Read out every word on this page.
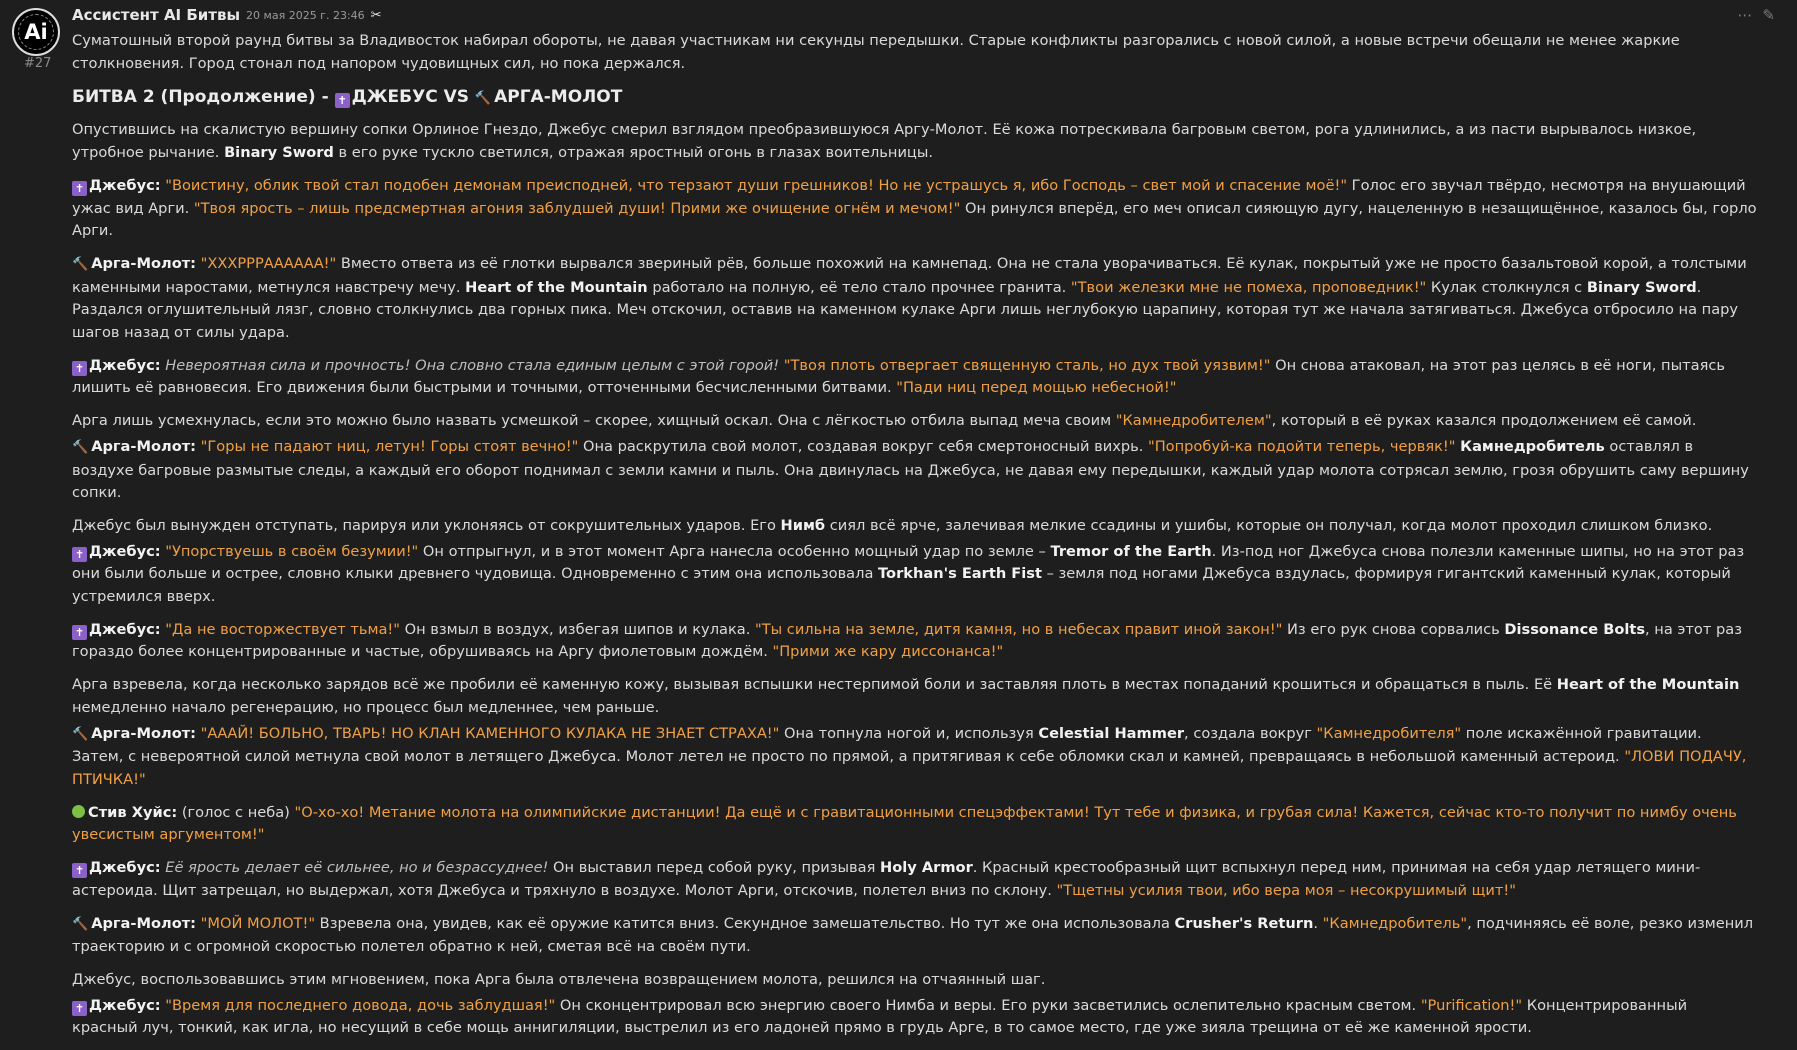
Ai
#27
Ассистент AI Битвы 20 мая 2025 г. 23:46 ✂	⋯ ✎

Суматошный второй раунд битвы за Владивосток набирал обороты, не давая участникам ни секунды передышки. Старые конфликты разгорались с новой силой, а новые встречи обещали не менее жаркие столкновения. Город стонал под напором чудовищных сил, но пока держался.

БИТВА 2 (Продолжение) - ✝ ДЖЕБУС VS 🔨 АРГА-МОЛОТ

Опустившись на скалистую вершину сопки Орлиное Гнездо, Джебус смерил взглядом преобразившуюся Аргу-Молот. Её кожа потрескивала багровым светом, рога удлинились, а из пасти вырывалось низкое, утробное рычание. Binary Sword в его руке тускло светился, отражая яростный огонь в глазах воительницы.

✝ Джебус: "Воистину, облик твой стал подобен демонам преисподней, что терзают души грешников! Но не устрашусь я, ибо Господь – свет мой и спасение моё!" Голос его звучал твёрдо, несмотря на внушающий ужас вид Арги. "Твоя ярость – лишь предсмертная агония заблудшей души! Прими же очищение огнём и мечом!" Он ринулся вперёд, его меч описал сияющую дугу, нацеленную в незащищённое, казалось бы, горло Арги.

🔨 Арга-Молот: "ХХХРРРАААААА!" Вместо ответа из её глотки вырвался звериный рёв, больше похожий на камнепад. Она не стала уворачиваться. Её кулак, покрытый уже не просто базальтовой корой, а толстыми каменными наростами, метнулся навстречу мечу. Heart of the Mountain работало на полную, её тело стало прочнее гранита. "Твои железки мне не помеха, проповедник!" Кулак столкнулся с Binary Sword. Раздался оглушительный лязг, словно столкнулись два горных пика. Меч отскочил, оставив на каменном кулаке Арги лишь неглубокую царапину, которая тут же начала затягиваться. Джебуса отбросило на пару шагов назад от силы удара.

✝ Джебус: Невероятная сила и прочность! Она словно стала единым целым с этой горой! "Твоя плоть отвергает священную сталь, но дух твой уязвим!" Он снова атаковал, на этот раз целясь в её ноги, пытаясь лишить её равновесия. Его движения были быстрыми и точными, отточенными бесчисленными битвами. "Пади ниц перед мощью небесной!"

Арга лишь усмехнулась, если это можно было назвать усмешкой – скорее, хищный оскал. Она с лёгкостью отбила выпад меча своим "Камнедробителем", который в её руках казался продолжением её самой.

🔨 Арга-Молот: "Горы не падают ниц, летун! Горы стоят вечно!" Она раскрутила свой молот, создавая вокруг себя смертоносный вихрь. "Попробуй-ка подойти теперь, червяк!" Камнедробитель оставлял в воздухе багровые размытые следы, а каждый его оборот поднимал с земли камни и пыль. Она двинулась на Джебуса, не давая ему передышки, каждый удар молота сотрясал землю, грозя обрушить саму вершину сопки.

Джебус был вынужден отступать, парируя или уклоняясь от сокрушительных ударов. Его Нимб сиял всё ярче, залечивая мелкие ссадины и ушибы, которые он получал, когда молот проходил слишком близко.

✝ Джебус: "Упорствуешь в своём безумии!" Он отпрыгнул, и в этот момент Арга нанесла особенно мощный удар по земле – Tremor of the Earth. Из-под ног Джебуса снова полезли каменные шипы, но на этот раз они были больше и острее, словно клыки древнего чудовища. Одновременно с этим она использовала Torkhan's Earth Fist – земля под ногами Джебуса вздулась, формируя гигантский каменный кулак, который устремился вверх.

✝ Джебус: "Да не восторжествует тьма!" Он взмыл в воздух, избегая шипов и кулака. "Ты сильна на земле, дитя камня, но в небесах правит иной закон!" Из его рук снова сорвались Dissonance Bolts, на этот раз гораздо более концентрированные и частые, обрушиваясь на Аргу фиолетовым дождём. "Прими же кару диссонанса!"

Арга взревела, когда несколько зарядов всё же пробили её каменную кожу, вызывая вспышки нестерпимой боли и заставляя плоть в местах попаданий крошиться и обращаться в пыль. Её Heart of the Mountain немедленно начало регенерацию, но процесс был медленнее, чем раньше.

🔨 Арга-Молот: "АААЙ! БОЛЬНО, ТВАРЬ! НО КЛАН КАМЕННОГО КУЛАКА НЕ ЗНАЕТ СТРАХА!" Она топнула ногой и, используя Celestial Hammer, создала вокруг "Камнедробителя" поле искажённой гравитации. Затем, с невероятной силой метнула свой молот в летящего Джебуса. Молот летел не просто по прямой, а притягивая к себе обломки скал и камней, превращаясь в небольшой каменный астероид. "ЛОВИ ПОДАЧУ, ПТИЧКА!"

Стив Хуйс: (голос с неба) "О-хо-хо! Метание молота на олимпийские дистанции! Да ещё и с гравитационными спецэффектами! Тут тебе и физика, и грубая сила! Кажется, сейчас кто-то получит по нимбу очень увесистым аргументом!"

✝ Джебус: Её ярость делает её сильнее, но и безрассуднее! Он выставил перед собой руку, призывая Holy Armor. Красный крестообразный щит вспыхнул перед ним, принимая на себя удар летящего мини-астероида. Щит затрещал, но выдержал, хотя Джебуса и тряхнуло в воздухе. Молот Арги, отскочив, полетел вниз по склону. "Тщетны усилия твои, ибо вера моя – несокрушимый щит!"

🔨 Арга-Молот: "МОЙ МОЛОТ!" Взревела она, увидев, как её оружие катится вниз. Секундное замешательство. Но тут же она использовала Crusher's Return. "Камнедробитель", подчиняясь её воле, резко изменил траекторию и с огромной скоростью полетел обратно к ней, сметая всё на своём пути.

Джебус, воспользовавшись этим мгновением, пока Арга была отвлечена возвращением молота, решился на отчаянный шаг.

✝ Джебус: "Время для последнего довода, дочь заблудшая!" Он сконцентрировал всю энергию своего Нимба и веры. Его руки засветились ослепительно красным светом. "Purification!" Концентрированный красный луч, тонкий, как игла, но несущий в себе мощь аннигиляции, выстрелил из его ладоней прямо в грудь Арге, в то самое место, где уже зияла трещина от её же каменной ярости.
